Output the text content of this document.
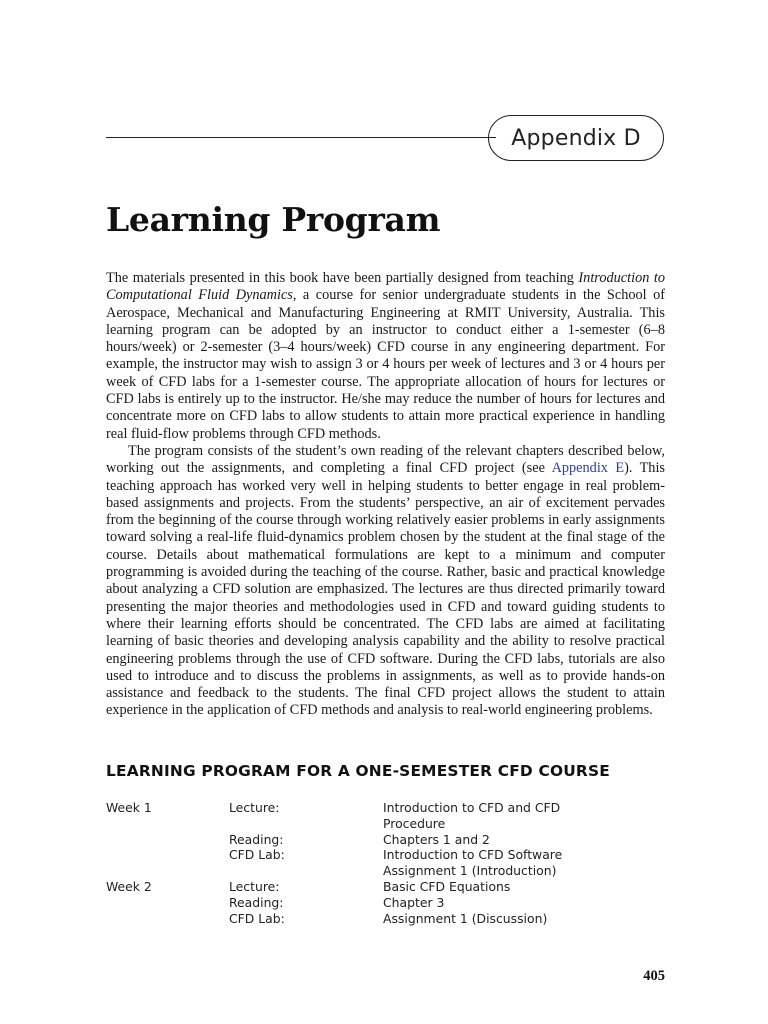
Appendix D
Learning Program

The materials presented in this book have been partially designed from teaching Introduction to Computational Fluid Dynamics, a course for senior undergraduate students in the School of Aerospace, Mechanical and Manufacturing Engineering at RMIT University, Australia. This learning program can be adopted by an instructor to conduct either a 1-semester (6–8 hours/week) or 2-semester (3–4 hours/week) CFD course in any engineering department. For example, the instructor may wish to assign 3 or 4 hours per week of lectures and 3 or 4 hours per week of CFD labs for a 1-semester course. The appropriate allocation of hours for lectures or CFD labs is entirely up to the instructor. He/she may reduce the number of hours for lectures and concentrate more on CFD labs to allow students to attain more practical experience in handling real fluid-flow problems through CFD methods.

The program consists of the student’s own reading of the relevant chapters described below, working out the assignments, and completing a final CFD project (see Appendix E). This teaching approach has worked very well in helping students to better engage in real problem-based assignments and projects. From the students’ perspective, an air of excitement pervades from the beginning of the course through working relatively easier problems in early assignments toward solving a real-life fluid-dynamics problem chosen by the student at the final stage of the course. Details about mathematical formulations are kept to a minimum and computer programming is avoided during the teaching of the course. Rather, basic and practical knowledge about analyzing a CFD solution are emphasized. The lectures are thus directed primarily toward presenting the major theories and methodologies used in CFD and toward guiding students to where their learning efforts should be concentrated. The CFD labs are aimed at facilitating learning of basic theories and developing analysis capability and the ability to resolve practical engineering problems through the use of CFD software. During the CFD labs, tutorials are also used to introduce and to discuss the problems in assignments, as well as to provide hands-on assistance and feedback to the students. The final CFD project allows the student to attain experience in the application of CFD methods and analysis to real-world engineering problems.

LEARNING PROGRAM FOR A ONE-SEMESTER CFD COURSE
Week 1	Lecture:	Introduction to CFD and CFD
Procedure
Reading:	Chapters 1 and 2
CFD Lab:	Introduction to CFD Software
Assignment 1 (Introduction)
Week 2	Lecture:	Basic CFD Equations
Reading:	Chapter 3
CFD Lab:	Assignment 1 (Discussion)
405
